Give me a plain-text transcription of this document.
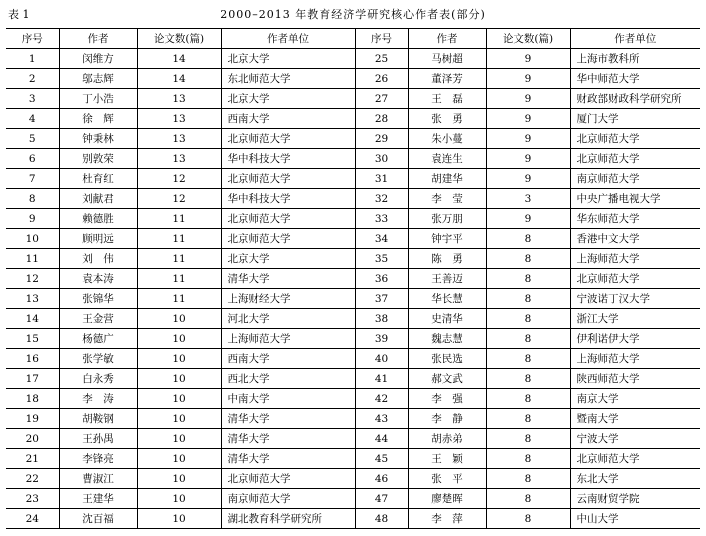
表 1	2000–2013 年教育经济学研究核心作者表(部分)
序号	作者	论文数(篇)	作者单位	序号	作者	论文数(篇)	作者单位
1	闵维方	14	北京大学	25	马树超	9	上海市教科所
2	邬志辉	14	东北师范大学	26	董泽芳	9	华中师范大学
3	丁小浩	13	北京大学	27	王　磊	9	财政部财政科学研究所
4	徐　辉	13	西南大学	28	张　勇	9	厦门大学
5	钟秉林	13	北京师范大学	29	朱小蔓	9	北京师范大学
6	别敦荣	13	华中科技大学	30	袁连生	9	北京师范大学
7	杜育红	12	北京师范大学	31	胡建华	9	南京师范大学
8	刘献君	12	华中科技大学	32	李　莹	3	中央广播电视大学
9	赖德胜	11	北京师范大学	33	张万朋	9	华东师范大学
10	顾明远	11	北京师范大学	34	钟宇平	8	香港中文大学
11	刘　伟	11	北京大学	35	陈　勇	8	上海师范大学
12	袁本涛	11	清华大学	36	王善迈	8	北京师范大学
13	张锦华	11	上海财经大学	37	华长慧	8	宁波诺丁汉大学
14	王金营	10	河北大学	38	史清华	8	浙江大学
15	杨德广	10	上海师范大学	39	魏志慧	8	伊利诺伊大学
16	张学敏	10	西南大学	40	张民选	8	上海师范大学
17	白永秀	10	西北大学	41	郝文武	8	陕西师范大学
18	李　涛	10	中南大学	42	李　强	8	南京大学
19	胡鞍钢	10	清华大学	43	李　静	8	暨南大学
20	王孙禺	10	清华大学	44	胡赤弟	8	宁波大学
21	李锋亮	10	清华大学	45	王　颖	8	北京师范大学
22	曹淑江	10	北京师范大学	46	张　平	8	东北大学
23	王建华	10	南京师范大学	47	廖楚晖	8	云南财贸学院
24	沈百福	10	湖北教育科学研究所	48	李　萍	8	中山大学
